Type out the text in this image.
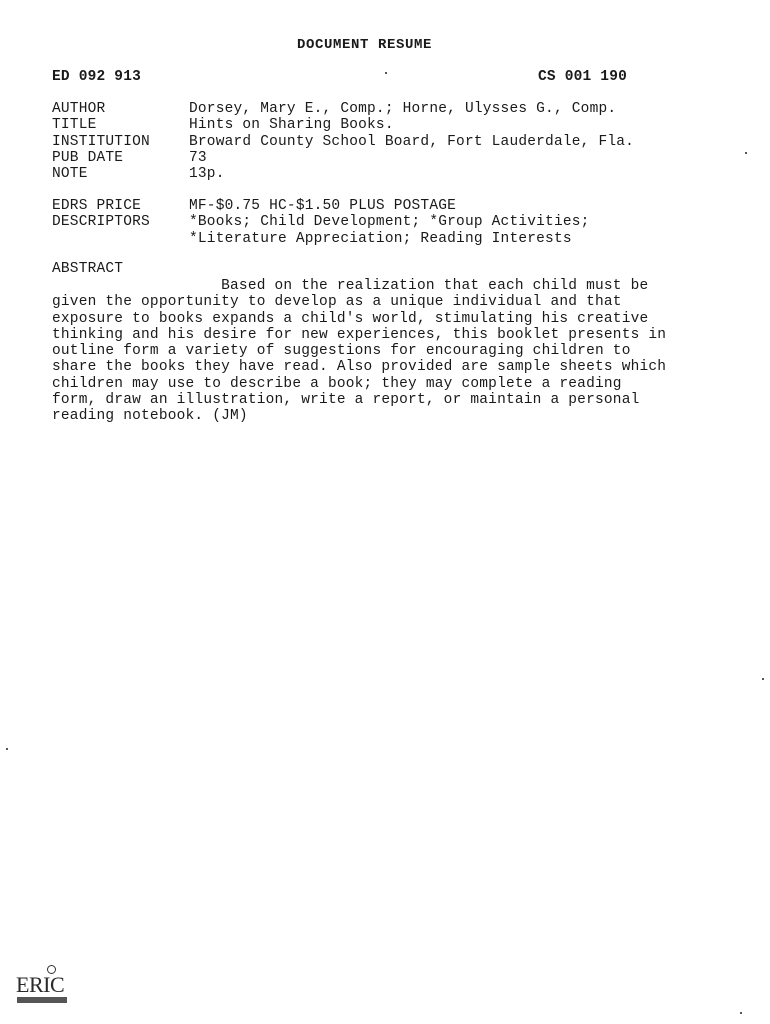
DOCUMENT RESUME
ED 092 913	CS 001 190
AUTHOR	Dorsey, Mary E., Comp.; Horne, Ulysses G., Comp.
TITLE	Hints on Sharing Books.
INSTITUTION	Broward County School Board, Fort Lauderdale, Fla.
PUB DATE	73
NOTE	13p.
EDRS PRICE	MF-$0.75 HC-$1.50 PLUS POSTAGE
DESCRIPTORS	*Books; Child Development; *Group Activities;
*Literature Appreciation; Reading Interests
ABSTRACT
Based on the realization that each child must be
given the opportunity to develop as a unique individual and that
exposure to books expands a child's world, stimulating his creative
thinking and his desire for new experiences, this booklet presents in
outline form a variety of suggestions for encouraging children to
share the books they have read. Also provided are sample sheets which
children may use to describe a book; they may complete a reading
form, draw an illustration, write a report, or maintain a personal
reading notebook. (JM)
ERIC
